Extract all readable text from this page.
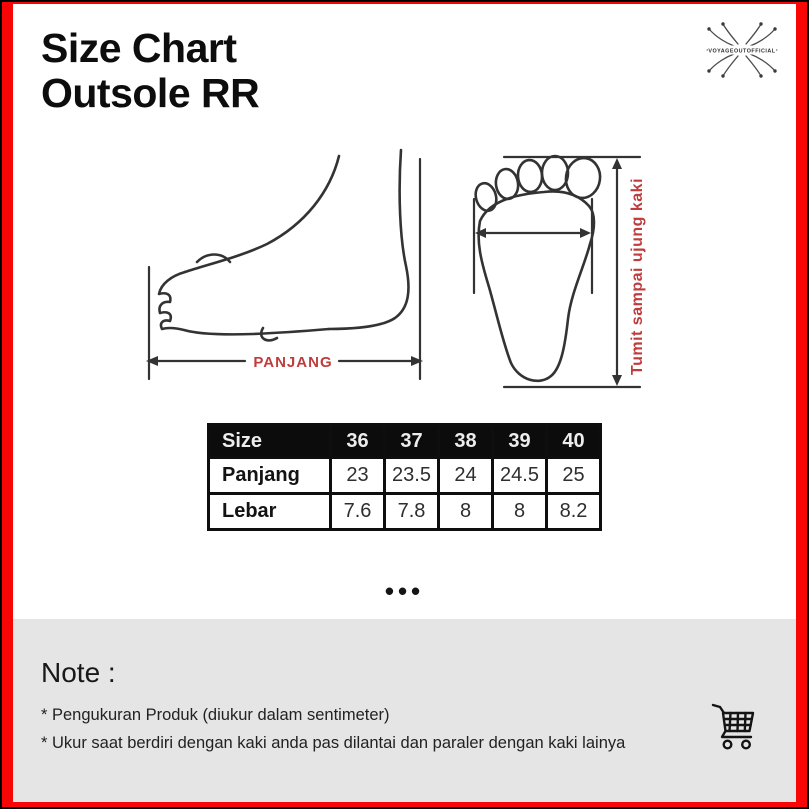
Size Chart
Outsole RR
VOYAGEOUTOFFICIAL
PANJANG	Tumit sampai ujung kaki
Size	36	37	38	39	40
Panjang	23	23.5	24	24.5	25
Lebar	7.6	7.8	8	8	8.2
•••
Note :
* Pengukuran Produk (diukur dalam sentimeter)
* Ukur saat berdiri dengan kaki anda pas dilantai dan paraler dengan kaki lainya
